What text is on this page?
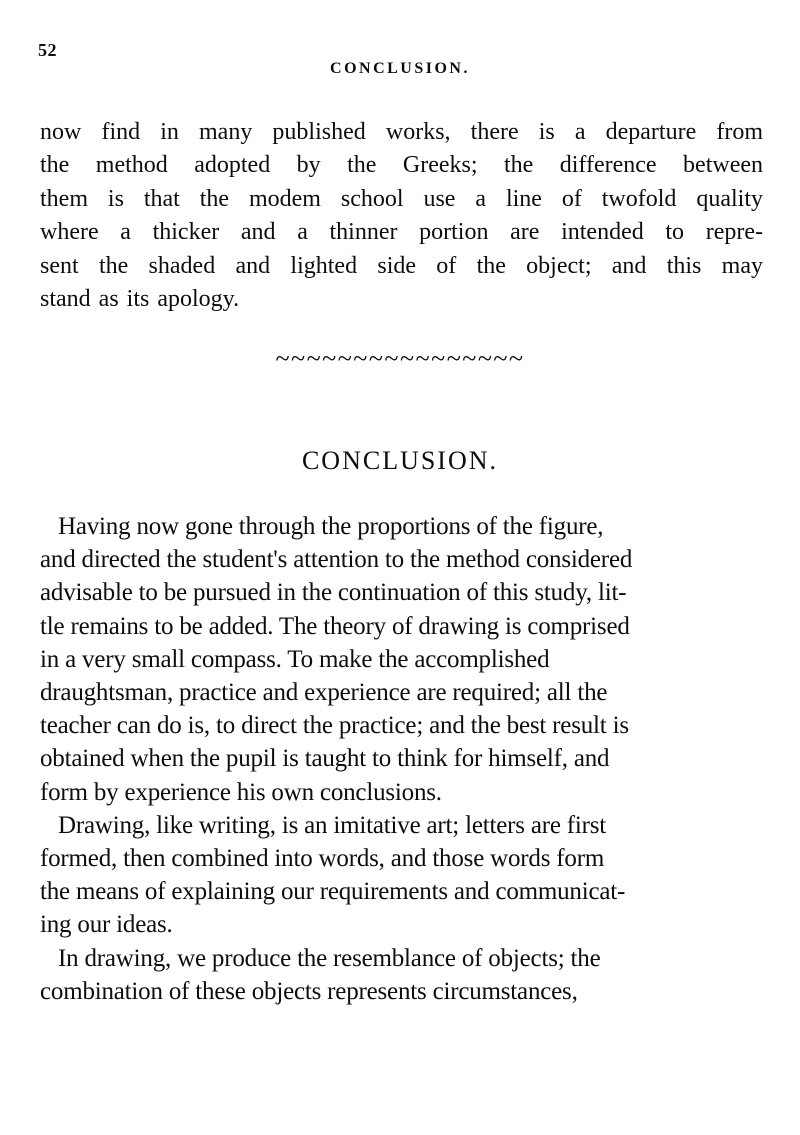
52
CONCLUSION.
now find in many published works, there is a departure from
the method adopted by the Greeks; the difference between
them is that the modem school use a line of twofold quality
where a thicker and a thinner portion are intended to repre-
sent the shaded and lighted side of the object; and this may
stand as its apology.
~~~~~~~~~~~~~~~~
CONCLUSION.
Having now gone through the proportions of the figure,
and directed the student's attention to the method considered
advisable to be pursued in the continuation of this study, lit-
tle remains to be added. The theory of drawing is comprised
in a very small compass. To make the accomplished
draughtsman, practice and experience are required; all the
teacher can do is, to direct the practice; and the best result is
obtained when the pupil is taught to think for himself, and
form by experience his own conclusions.
Drawing, like writing, is an imitative art; letters are first
formed, then combined into words, and those words form
the means of explaining our requirements and communicat-
ing our ideas.
In drawing, we produce the resemblance of objects; the
combination of these objects represents circumstances,
